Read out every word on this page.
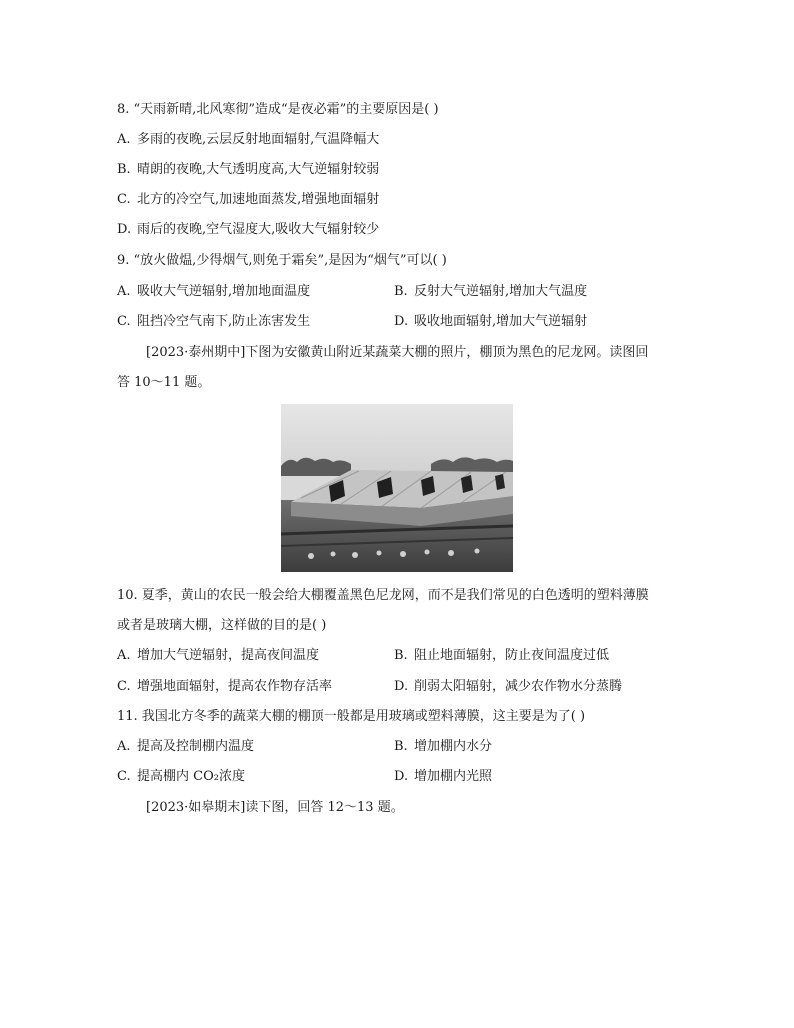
8. “天雨新晴,北风寒彻”造成“是夜必霜”的主要原因是( )
A. 多雨的夜晚,云层反射地面辐射,气温降幅大
B. 晴朗的夜晚,大气透明度高,大气逆辐射较弱
C. 北方的冷空气,加速地面蒸发,增强地面辐射
D. 雨后的夜晚,空气湿度大,吸收大气辐射较少
9. “放火做煴,少得烟气,则免于霜矣”,是因为“烟气”可以( )
A. 吸收大气逆辐射,增加地面温度	B. 反射大气逆辐射,增加大气温度
C. 阻挡冷空气南下,防止冻害发生	D. 吸收地面辐射,增加大气逆辐射
[2023·泰州期中]下图为安徽黄山附近某蔬菜大棚的照片，棚顶为黑色的尼龙网。读图回
答 10～11 题。
10. 夏季，黄山的农民一般会给大棚覆盖黑色尼龙网，而不是我们常见的白色透明的塑料薄膜
或者是玻璃大棚，这样做的目的是( )
A. 增加大气逆辐射，提高夜间温度	B. 阻止地面辐射，防止夜间温度过低
C. 增强地面辐射，提高农作物存活率	D. 削弱太阳辐射，减少农作物水分蒸腾
11. 我国北方冬季的蔬菜大棚的棚顶一般都是用玻璃或塑料薄膜，这主要是为了( )
A. 提高及控制棚内温度	B. 增加棚内水分
C. 提高棚内 CO₂浓度	D. 增加棚内光照
[2023·如皋期末]读下图，回答 12～13 题。
